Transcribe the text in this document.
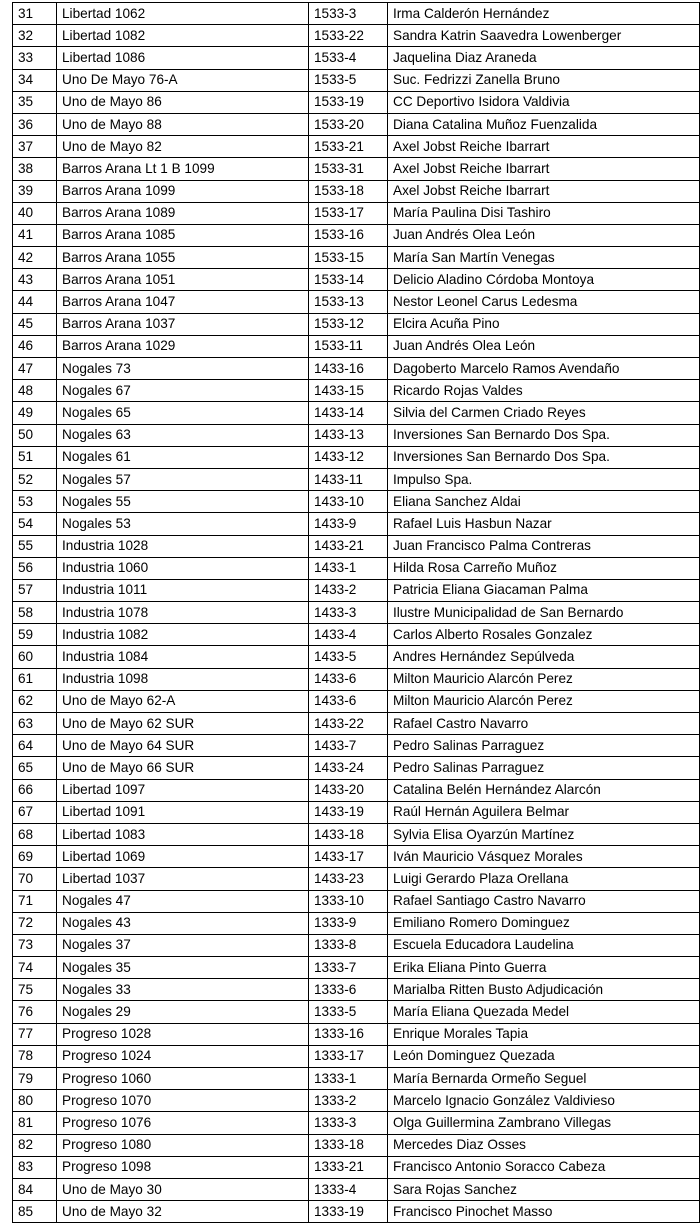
31	Libertad 1062	1533-3	Irma Calderón Hernández
32	Libertad 1082	1533-22	Sandra Katrin Saavedra Lowenberger
33	Libertad 1086	1533-4	Jaquelina Diaz Araneda
34	Uno De Mayo 76-A	1533-5	Suc. Fedrizzi Zanella Bruno
35	Uno de Mayo 86	1533-19	CC Deportivo Isidora Valdivia
36	Uno de Mayo 88	1533-20	Diana Catalina Muñoz Fuenzalida
37	Uno de Mayo 82	1533-21	Axel Jobst Reiche Ibarrart
38	Barros Arana Lt 1 B 1099	1533-31	Axel Jobst Reiche Ibarrart
39	Barros Arana 1099	1533-18	Axel Jobst Reiche Ibarrart
40	Barros Arana 1089	1533-17	María Paulina Disi Tashiro
41	Barros Arana 1085	1533-16	Juan Andrés Olea León
42	Barros Arana 1055	1533-15	María San Martín Venegas
43	Barros Arana 1051	1533-14	Delicio Aladino Córdoba Montoya
44	Barros Arana 1047	1533-13	Nestor Leonel Carus Ledesma
45	Barros Arana 1037	1533-12	Elcira Acuña Pino
46	Barros Arana 1029	1533-11	Juan Andrés Olea León
47	Nogales 73	1433-16	Dagoberto Marcelo Ramos Avendaño
48	Nogales 67	1433-15	Ricardo Rojas Valdes
49	Nogales 65	1433-14	Silvia del Carmen Criado Reyes
50	Nogales 63	1433-13	Inversiones San Bernardo Dos Spa.
51	Nogales 61	1433-12	Inversiones San Bernardo Dos Spa.
52	Nogales 57	1433-11	Impulso Spa.
53	Nogales 55	1433-10	Eliana Sanchez Aldai
54	Nogales 53	1433-9	Rafael Luis Hasbun Nazar
55	Industria 1028	1433-21	Juan Francisco Palma Contreras
56	Industria 1060	1433-1	Hilda Rosa Carreño Muñoz
57	Industria 1011	1433-2	Patricia Eliana Giacaman Palma
58	Industria 1078	1433-3	Ilustre Municipalidad de San Bernardo
59	Industria 1082	1433-4	Carlos Alberto Rosales Gonzalez
60	Industria 1084	1433-5	Andres Hernández Sepúlveda
61	Industria 1098	1433-6	Milton Mauricio Alarcón Perez
62	Uno de Mayo 62-A	1433-6	Milton Mauricio Alarcón Perez
63	Uno de Mayo 62 SUR	1433-22	Rafael Castro Navarro
64	Uno de Mayo 64 SUR	1433-7	Pedro Salinas Parraguez
65	Uno de Mayo 66 SUR	1433-24	Pedro Salinas Parraguez
66	Libertad 1097	1433-20	Catalina Belén Hernández Alarcón
67	Libertad 1091	1433-19	Raúl Hernán Aguilera Belmar
68	Libertad 1083	1433-18	Sylvia Elisa Oyarzún Martínez
69	Libertad 1069	1433-17	Iván Mauricio Vásquez Morales
70	Libertad 1037	1433-23	Luigi Gerardo Plaza Orellana
71	Nogales 47	1333-10	Rafael Santiago Castro Navarro
72	Nogales 43	1333-9	Emiliano Romero Dominguez
73	Nogales 37	1333-8	Escuela Educadora Laudelina
74	Nogales 35	1333-7	Erika Eliana Pinto Guerra
75	Nogales 33	1333-6	Marialba Ritten Busto Adjudicación
76	Nogales 29	1333-5	María Eliana Quezada Medel
77	Progreso 1028	1333-16	Enrique Morales Tapia
78	Progreso 1024	1333-17	León Dominguez Quezada
79	Progreso 1060	1333-1	María Bernarda Ormeño Seguel
80	Progreso 1070	1333-2	Marcelo Ignacio González Valdivieso
81	Progreso 1076	1333-3	Olga Guillermina Zambrano Villegas
82	Progreso 1080	1333-18	Mercedes Diaz Osses
83	Progreso 1098	1333-21	Francisco Antonio Soracco Cabeza
84	Uno de Mayo 30	1333-4	Sara Rojas Sanchez
85	Uno de Mayo 32	1333-19	Francisco Pinochet Masso
